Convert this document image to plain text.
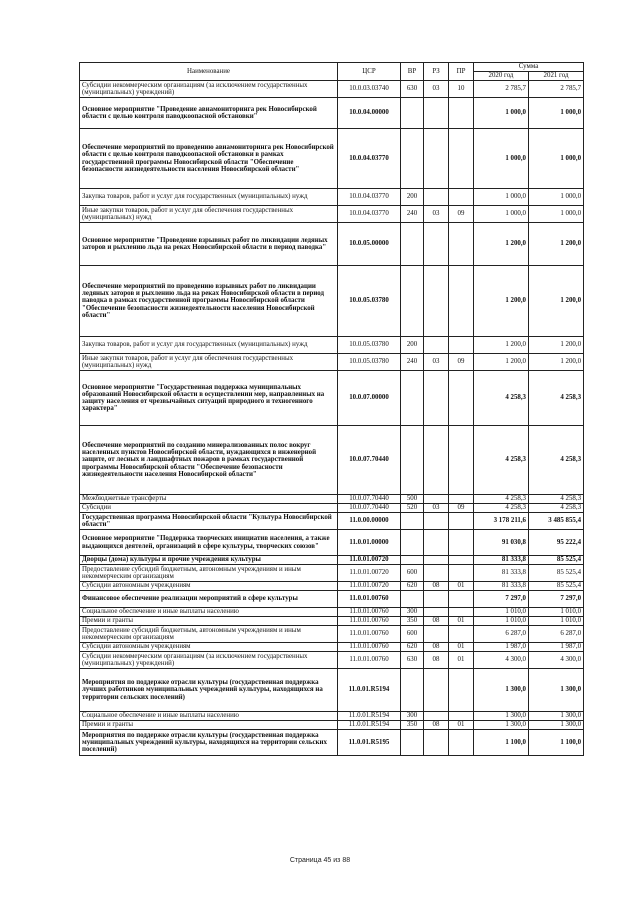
Наименование	ЦСР	ВР	РЗ	ПР	Сумма	
					2020 год	2021 год
Субсидии некоммерческим организациям (за исключением государственных (муниципальных) учреждений)	10.0.03.03740	630	03	10	2 785,7	2 785,7
Основное мероприятие "Проведение авиамониторинга рек Новосибирской области с целью контроля паводкоопасной обстановки"	10.0.04.00000				1 000,0	1 000,0
Обеспечение мероприятий по проведению авиамониторинга рек Новосибирской области с целью контроля паводкоопасной обстановки в рамках государственной программы Новосибирской области "Обеспечение безопасности жизнедеятельности населения Новосибирской области"	10.0.04.03770				1 000,0	1 000,0
Закупка товаров, работ и услуг для государственных (муниципальных) нужд	10.0.04.03770	200			1 000,0	1 000,0
Иные закупки товаров, работ и услуг для обеспечения государственных (муниципальных) нужд	10.0.04.03770	240	03	09	1 000,0	1 000,0
Основное мероприятие "Проведение взрывных работ по ликвидации ледяных заторов и рыхлению льда на реках Новосибирской области в период паводка"	10.0.05.00000				1 200,0	1 200,0
Обеспечение мероприятий по проведению взрывных работ по ликвидации ледяных заторов и рыхлению льда на реках Новосибирской области в период паводка в рамках государственной программы Новосибирской области "Обеспечение безопасности жизнедеятельности населения Новосибирской области"	10.0.05.03780				1 200,0	1 200,0
Закупка товаров, работ и услуг для государственных (муниципальных) нужд	10.0.05.03780	200			1 200,0	1 200,0
Иные закупки товаров, работ и услуг для обеспечения государственных (муниципальных) нужд	10.0.05.03780	240	03	09	1 200,0	1 200,0
Основное мероприятие "Государственная поддержка муниципальных образований Новосибирской области в осуществлении мер, направленных на защиту населения от чрезвычайных ситуаций природного и техногенного характера"	10.0.07.00000				4 258,3	4 258,3
Обеспечение мероприятий по созданию минерализованных полос вокруг населенных пунктов Новосибирской области, нуждающихся в инженерной защите, от лесных и ландшафтных пожаров в рамках государственной программы Новосибирской области "Обеспечение безопасности жизнедеятельности населения Новосибирской области"	10.0.07.70440				4 258,3	4 258,3
Межбюджетные трансферты	10.0.07.70440	500			4 258,3	4 258,3
Субсидии	10.0.07.70440	520	03	09	4 258,3	4 258,3
Государственная программа Новосибирской области "Культура Новосибирской области"	11.0.00.00000				3 178 211,6	3 485 855,4
Основное мероприятие "Поддержка творческих инициатив населения, а также выдающихся деятелей, организаций в сфере культуры, творческих союзов"	11.0.01.00000				91 030,8	95 222,4
Дворцы (дома) культуры и прочие учреждения культуры	11.0.01.00720				81 333,8	85 525,4
Предоставление субсидий бюджетным, автономным учреждениям и иным некоммерческим организациям	11.0.01.00720	600			81 333,8	85 525,4
Субсидии автономным учреждениям	11.0.01.00720	620	08	01	81 333,8	85 525,4
Финансовое обеспечение реализации мероприятий в сфере культуры	11.0.01.00760				7 297,0	7 297,0
Социальное обеспечение и иные выплаты населению	11.0.01.00760	300			1 010,0	1 010,0
Премии и гранты	11.0.01.00760	350	08	01	1 010,0	1 010,0
Предоставление субсидий бюджетным, автономным учреждениям и иным некоммерческим организациям	11.0.01.00760	600			6 287,0	6 287,0
Субсидии автономным учреждениям	11.0.01.00760	620	08	01	1 987,0	1 987,0
Субсидии некоммерческим организациям (за исключением государственных (муниципальных) учреждений)	11.0.01.00760	630	08	01	4 300,0	4 300,0
Мероприятия по поддержке отрасли культуры (государственная поддержка лучших работников муниципальных учреждений культуры, находящихся на территории сельских поселений)	11.0.01.R5194				1 300,0	1 300,0
Социальное обеспечение и иные выплаты населению	11.0.01.R5194	300			1 300,0	1 300,0
Премии и гранты	11.0.01.R5194	350	08	01	1 300,0	1 300,0
Мероприятия по поддержке отрасли культуры (государственная поддержка муниципальных учреждений культуры, находящихся на территории сельских поселений)	11.0.01.R5195				1 100,0	1 100,0
Страница 45 из 88
